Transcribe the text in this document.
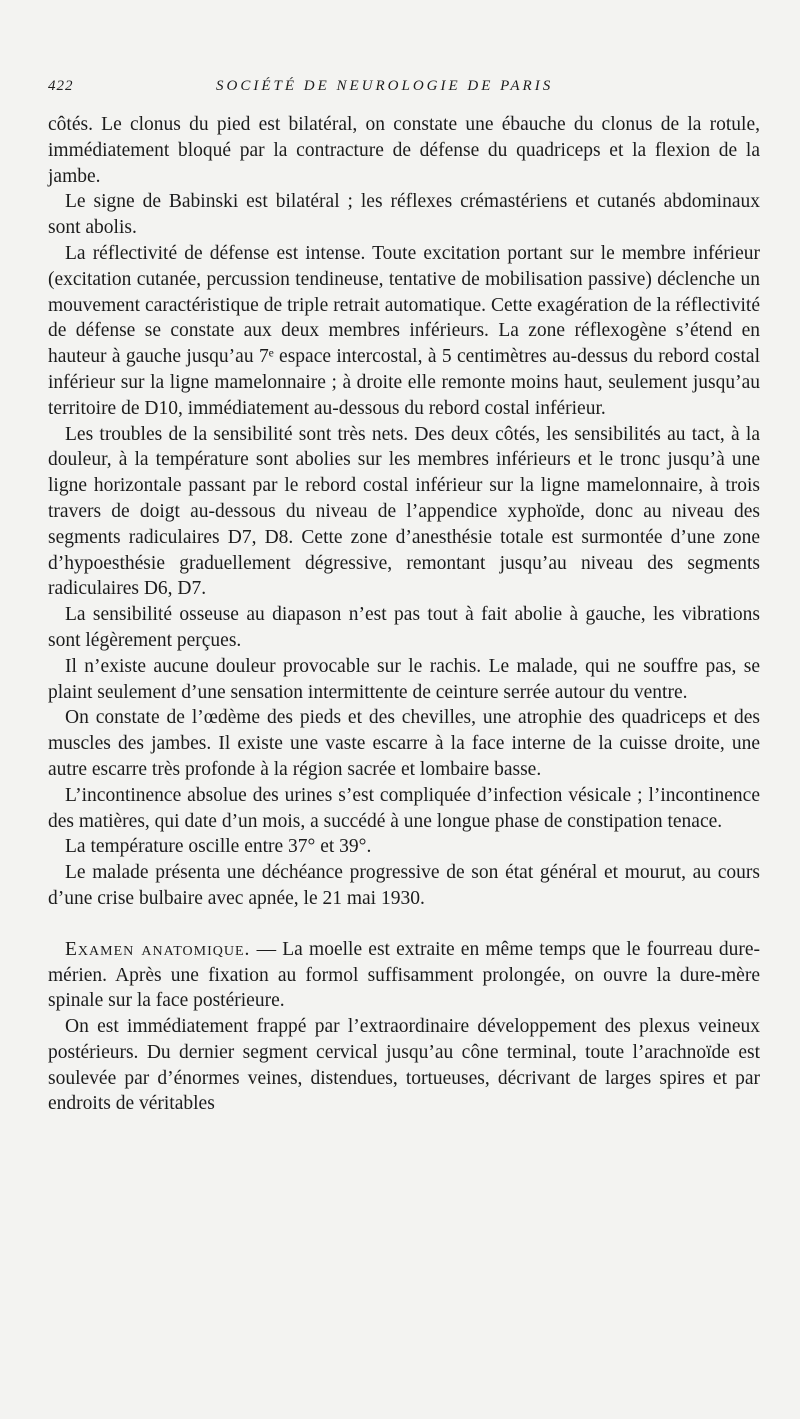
422	SOCIÉTÉ DE NEUROLOGIE DE PARIS

côtés. Le clonus du pied est bilatéral, on constate une ébauche du clonus de la rotule, immédiatement bloqué par la contracture de défense du quadriceps et la flexion de la jambe.

Le signe de Babinski est bilatéral ; les réflexes crémastériens et cutanés abdominaux sont abolis.

La réflectivité de défense est intense. Toute excitation portant sur le membre inférieur (excitation cutanée, percussion tendineuse, tentative de mobilisation passive) déclenche un mouvement caractéristique de triple retrait automatique. Cette exagération de la réflectivité de défense se constate aux deux membres inférieurs. La zone réflexogène s’étend en hauteur à gauche jusqu’au 7ᵉ espace intercostal, à 5 centimètres au-dessus du rebord costal inférieur sur la ligne mamelonnaire ; à droite elle remonte moins haut, seulement jusqu’au territoire de D10, immédiatement au-dessous du rebord costal inférieur.

Les troubles de la sensibilité sont très nets. Des deux côtés, les sensibilités au tact, à la douleur, à la température sont abolies sur les membres inférieurs et le tronc jusqu’à une ligne horizontale passant par le rebord costal inférieur sur la ligne mamelonnaire, à trois travers de doigt au-dessous du niveau de l’appendice xyphoïde, donc au niveau des segments radiculaires D7, D8. Cette zone d’anesthésie totale est surmontée d’une zone d’hypoesthésie graduellement dégressive, remontant jusqu’au niveau des segments radiculaires D6, D7.

La sensibilité osseuse au diapason n’est pas tout à fait abolie à gauche, les vibrations sont légèrement perçues.

Il n’existe aucune douleur provocable sur le rachis. Le malade, qui ne souffre pas, se plaint seulement d’une sensation intermittente de ceinture serrée autour du ventre.

On constate de l’œdème des pieds et des chevilles, une atrophie des quadriceps et des muscles des jambes. Il existe une vaste escarre à la face interne de la cuisse droite, une autre escarre très profonde à la région sacrée et lombaire basse.

L’incontinence absolue des urines s’est compliquée d’infection vésicale ; l’incontinence des matières, qui date d’un mois, a succédé à une longue phase de constipation tenace.

La température oscille entre 37° et 39°.

Le malade présenta une déchéance progressive de son état général et mourut, au cours d’une crise bulbaire avec apnée, le 21 mai 1930.

Examen anatomique. — La moelle est extraite en même temps que le fourreau dure-mérien. Après une fixation au formol suffisamment prolongée, on ouvre la dure-mère spinale sur la face postérieure.

On est immédiatement frappé par l’extraordinaire développement des plexus veineux postérieurs. Du dernier segment cervical jusqu’au cône terminal, toute l’arachnoïde est soulevée par d’énormes veines, distendues, tortueuses, décrivant de larges spires et par endroits de véritables
